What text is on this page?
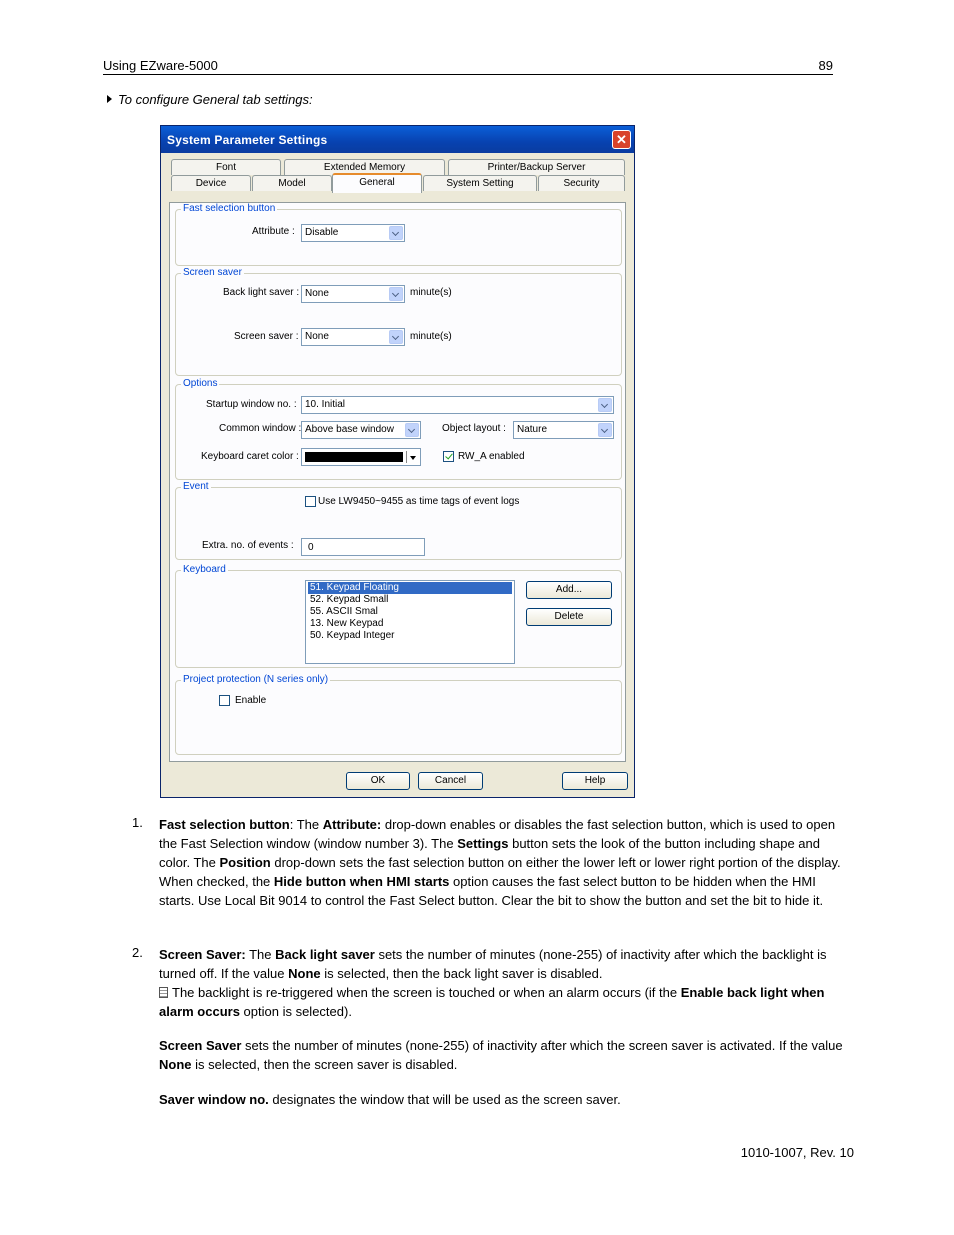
Using EZware-5000	89
To configure General tab settings:
System Parameter Settings	✕
Font	Extended Memory	Printer/Backup Server
Device	Model	General	System Setting	Security
Fast selection button
Attribute : Disable
Screen saver
Back light saver : None	minute(s)
Screen saver : None	minute(s)
Options
Startup window no. : 10. Initial
Common window : Above base window	Object layout : Nature
Keyboard caret color :	RW_A enabled
Event
Use LW9450~9455 as time tags of event logs
Extra. no. of events : 0
Keyboard
51. Keypad Floating
52. Keypad Small
55. ASCII Smal
13. New Keypad
50. Keypad Integer
Add...
Delete
Project protection (N series only)
Enable
OK	Cancel	Help
1. Fast selection button: The Attribute: drop-down enables or disables the fast selection button, which is used to open the Fast Selection window (window number 3). The Settings button sets the look of the button including shape and color. The Position drop-down sets the fast selection button on either the lower left or lower right portion of the display. When checked, the Hide button when HMI starts option causes the fast select button to be hidden when the HMI starts. Use Local Bit 9014 to control the Fast Select button. Clear the bit to show the button and set the bit to hide it.
2. Screen Saver: The Back light saver sets the number of minutes (none-255) of inactivity after which the backlight is turned off. If the value None is selected, then the back light saver is disabled.
The backlight is re-triggered when the screen is touched or when an alarm occurs (if the Enable back light when alarm occurs option is selected).
Screen Saver sets the number of minutes (none-255) of inactivity after which the screen saver is activated. If the value None is selected, then the screen saver is disabled.
Saver window no. designates the window that will be used as the screen saver.
1010-1007, Rev. 10
